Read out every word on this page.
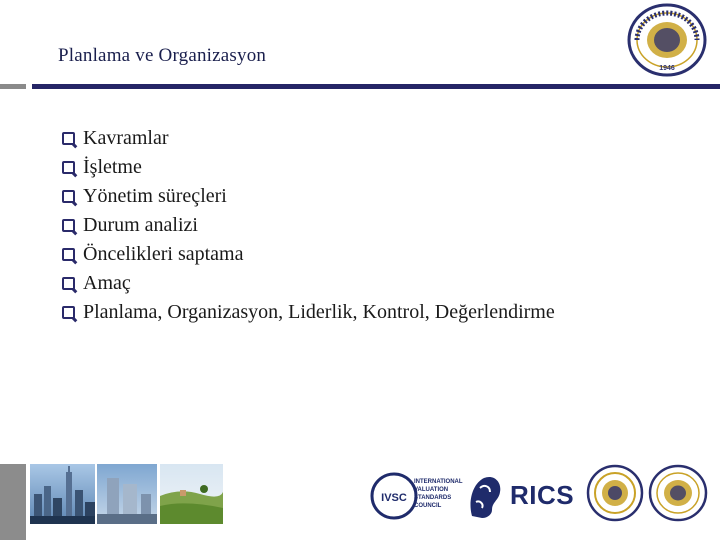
Planlama ve Organizasyon
1946
Kavramlar
İşletme
Yönetim süreçleri
Durum analizi
Öncelikleri saptama
Amaç
Planlama, Organizasyon, Liderlik, Kontrol, Değerlendirme
IVSC
INTERNATIONAL VALUATION STANDARDS COUNCIL	RICS
